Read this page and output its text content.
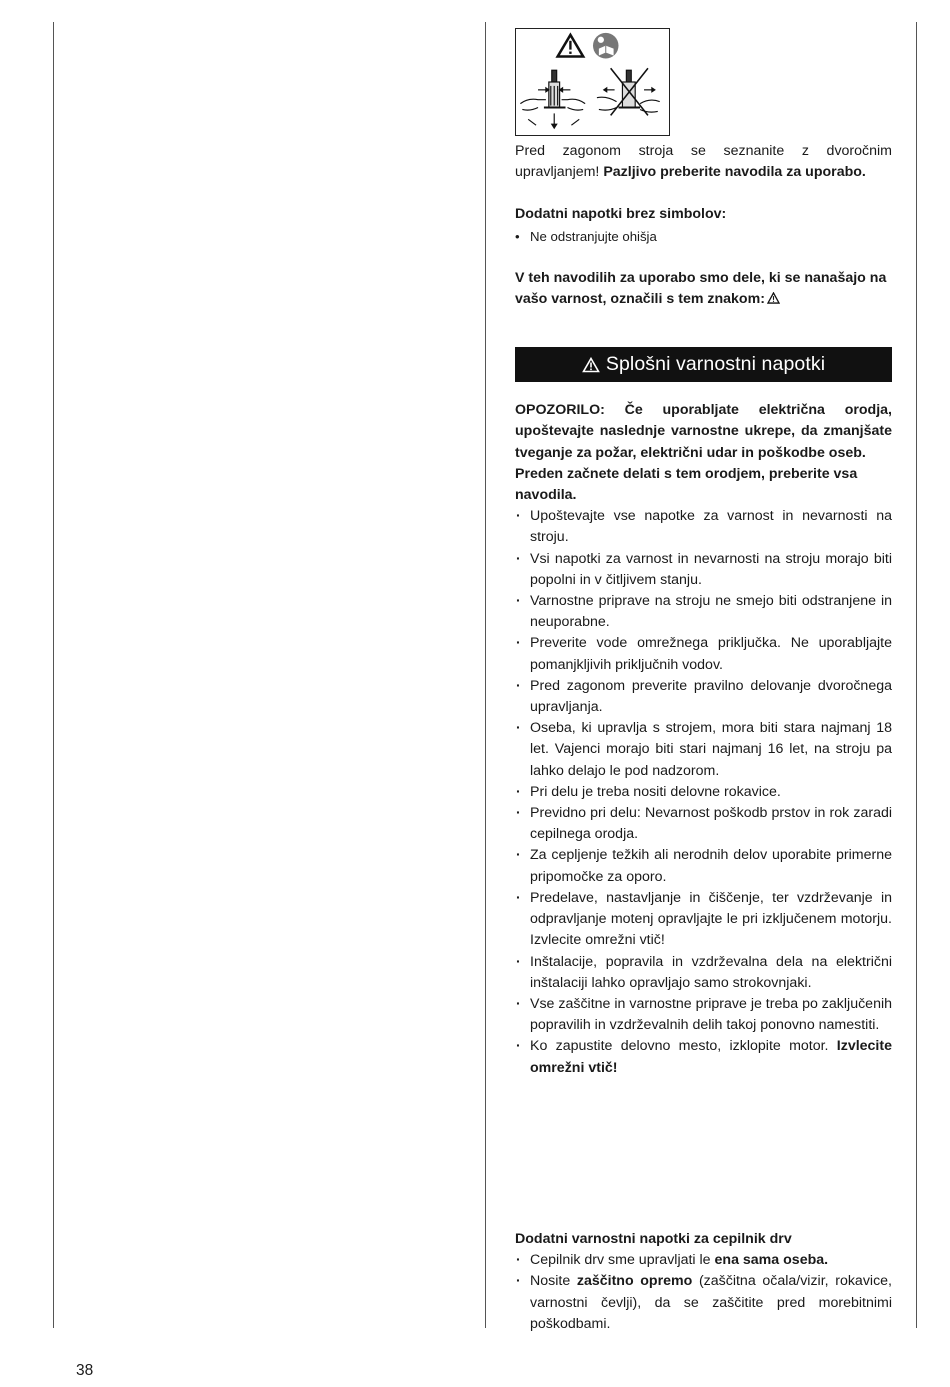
Pred zagonom stroja se seznanite z dvoročnim upravljanjem! Pazljivo preberite navodila za uporabo.

Dodatni napotki brez simbolov:

• Ne odstranjujte ohišja

V teh navodilih za uporabo smo dele, ki se nanašajo na vašo varnost, označili s tem znakom:

Splošni varnostni napotki

OPOZORILO: Če uporabljate električna orodja, upoštevajte naslednje varnostne ukrepe, da zmanjšate tveganje za požar, električni udar in poškodbe oseb.

Preden začnete delati s tem orodjem, preberite vsa navodila.

· Upoštevajte vse napotke za varnost in nevarnosti na stroju.
· Vsi napotki za varnost in nevarnosti na stroju morajo biti popolni in v čitljivem stanju.
· Varnostne priprave na stroju ne smejo biti odstranjene in neuporabne.
· Preverite vode omrežnega priključka. Ne uporabljajte pomanjkljivih priključnih vodov.
· Pred zagonom preverite pravilno delovanje dvoročnega upravljanja.
· Oseba, ki upravlja s strojem, mora biti stara najmanj 18 let. Vajenci morajo biti stari najmanj 16 let, na stroju pa lahko delajo le pod nadzorom.
· Pri delu je treba nositi delovne rokavice.
· Previdno pri delu: Nevarnost poškodb prstov in rok zaradi cepilnega orodja.
· Za cepljenje težkih ali nerodnih delov uporabite primerne pripomočke za oporo.
· Predelave, nastavljanje in čiščenje, ter vzdrževanje in odpravljanje motenj opravljajte le pri izključenem motorju. Izvlecite omrežni vtič!
· Inštalacije, popravila in vzdrževalna dela na električni inštalaciji lahko opravljajo samo strokovnjaki.
· Vse zaščitne in varnostne priprave je treba po zaključenih popravilih in vzdrževalnih delih takoj ponovno namestiti.
· Ko zapustite delovno mesto, izklopite motor. Izvlecite omrežni vtič!

Dodatni varnostni napotki za cepilnik drv

· Cepilnik drv sme upravljati le ena sama oseba.
· Nosite zaščitno opremo (zaščitna očala/vizir, rokavice, varnostni čevlji), da se zaščitite pred morebitnimi poškodbami.
38
